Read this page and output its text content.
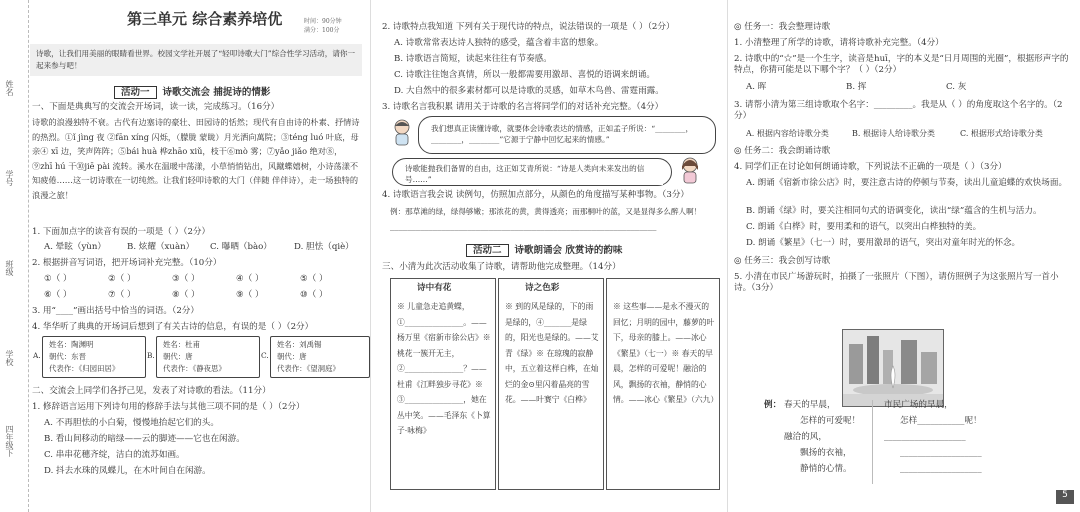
姓名
学号
班级
学校
四年级下
第三单元 综合素养培优	时间：90分钟
满分：100分
诗歌，让我们用美丽的眼睛看世界。校园文学社开展了“轻叩诗歌大门”综合性学习活动，请你一起来参与吧！
活动一 诗歌交流会 捕捉诗的情影
一、下面是典典写的交流会开场词，读一读，完成练习。（16分）
诗歌的浪漫独特不衰。古代有边塞诗的豪壮、田园诗的恬然；现代有自由诗的朴素、抒情诗的热烈。①ǐ jìng 夜 ②fān xíng 闪烁，（朦胧 蒙眬）月光洒向萬院；③téng luó 叶底，母亲④ xī 边，笑声阵阵；⑤bái huà 桦zhāo xiǔ，枝干⑥mò 雾；⑦yǎo jiǎo 绝对⑧，⑨zhī hú 干⑩jiē pài 流转。溪水在温暖中荡漾，小草悄悄钻出，风蹴蝶嬉树，小诗荡漾不知疲倦……这一切诗歌在一切纯然。让我们轻叩诗歌的大门（伴随 伴伴诗），走一场独特的浪漫之旅！
1. 下面加点字的读音有误的一项是（ ）（2分）
A. 晕眩（yùn） B. 炫耀（xuàn） C. 曝晒（bào）	D. 胆怯（qiè）
2. 根据拼音写词语，把开场词补充完整。（10分）
①（ ）	②（ ）	③（ ）	④（ ）	⑤（ ）
⑥（ ）	⑦（ ）	⑧（ ）	⑨（ ）	⑩（ ）
3. 用“____”画出括号中恰当的词语。（2分）
4. 华华听了典典的开场词后想到了有关古诗的信息，有误的是（ ）（2分）
A.
姓名：陶渊明
朝代：东晋
代表作：《归园田居》
B.
姓名：杜甫
朝代：唐
代表作：《静夜思》
C.
姓名：刘禹锡
朝代：唐
代表作：《望洞庭》
二、交流会上同学们各抒己见，发表了对诗歌的看法。（11分）
1. 修辞语言运用下列诗句用的修辞手法与其他三项不同的是（ ）（2分）
A. 不再胆怯的小白菊，慢慢地抬起它们的头。
B. 看山间移动的暗绿——云的脚迹——它也在闲游。
C. 串串花穗齐绽，洁白的流苏如画。
D. 抖去水珠的凤蝶儿，在木叶间自在闲游。
2. 诗歌特点我知道 下列有关于现代诗的特点，说法错误的一项是（ ）（2分）
A. 诗歌常常表达诗人独特的感受，蕴含着丰富的想象。
B. 诗歌语言简短，读起来往往有节奏感。
C. 诗歌注往饱含真情，所以一般都需要用激昂、喜悦的语调来朗诵。
D. 大自然中的很多素材都可以是诗歌的灵感，如草木鸟兽、雷霆雨露。
3. 诗歌名言我积累 请用关于诗歌的名言将同学们的对话补充完整。（4分）
我们想真正读懂诗歌，就要体会诗歌表达的情感，正如孟子所说：“________，________，________”它源于宁静中回忆起来的情感。”
诗歌能抛我们备胃的自由，这正如艾青所说：“诗是人类向未来发出的信号……”
4. 诗歌语言我会说 读例句，仿照加点部分，从颜色的角度描写某种事物。（3分）
例：那草滩的绿，绿得够嫩；那浓花的黄，黄得透亮；而那桐叶的蓝，又是显得多么醉人啊！
______________________________________________________________
活动二 诗歌朗诵会 欣赏诗的韵味
三、小清为此次活动收集了诗歌，请帮助他完成整理。（14分）
诗中有花
※ 儿童急走追黄蝶，①_______________。——杨万里《宿新市徐公店》※ 桃花一簇开无主，②_______________？——杜甫《江畔独步寻花》※ ③_______________，她在丛中笑。——毛泽东《卜算子·咏梅》
诗之色彩
※ 到的风是绿的，下的雨是绿的，④_______是绿的，阳光也是绿的。——艾青《绿》※ 在琼瑰的寂静中，五立着这样白桦，在灿烂的金⊙里闪着晶亮的雪花。——叶赛宁《白桦》
※ 这些事——是永不漫灭的回忆；月明的园中，藤萝的叶下，母亲的膝上。——冰心《繁星》（七一）※ 春天的早晨，怎样的可爱呢！融洽的风，飘扬的衣袖，静悄的心情。——冰心《繁星》（六九）
◎ 任务一：我会整理诗歌
1. 小清整理了所学的诗歌，请将诗歌补充完整。（4分）
2. 诗歌中的“☆”是一个生字，读音是huī，字的本义是“日月周围的光圈”，根据形声字的特点，你猜可能是以下哪个字？（ ）（2分）
A. 晖	B. 挥	C. 灰
3. 请帮小清为第三组诗歌取个名字：_________。我是从（ ）的角度取这个名字的。（2分）
A. 根据内容给诗歌分类	B. 根据诗人给诗歌分类	C. 根据形式给诗歌分类
◎ 任务二：我会朗诵诗歌
4. 同学们正在讨论如何朗诵诗歌，下列说法不正确的一项是（ ）（3分）
A. 朗诵《宿新市徐公店》时，要注意古诗的停顿与节奏，读出儿童追蝶的欢快场面。
B. 朗诵《绿》时，要关注相同句式的语调变化，读出“绿”蕴含的生机与活力。
C. 朗诵《白桦》时，要用柔和的语气，以突出白桦独特的美。
D. 朗诵《繁星》（七一）时，要用激昂的语气，突出对童年时光的怀念。
◎ 任务三：我会创写诗歌
5. 小清在市民广场游玩时，拍摄了一张照片（下图），请仿照例子为这张照片写一首小诗。（3分）
例： 春天的早晨，
怎样的可爱呢！
融洽的风，
飘扬的衣袖，
静悄的心情。
市民广场的早晨，
怎样___________呢！
___________________
___________________
___________________
5
